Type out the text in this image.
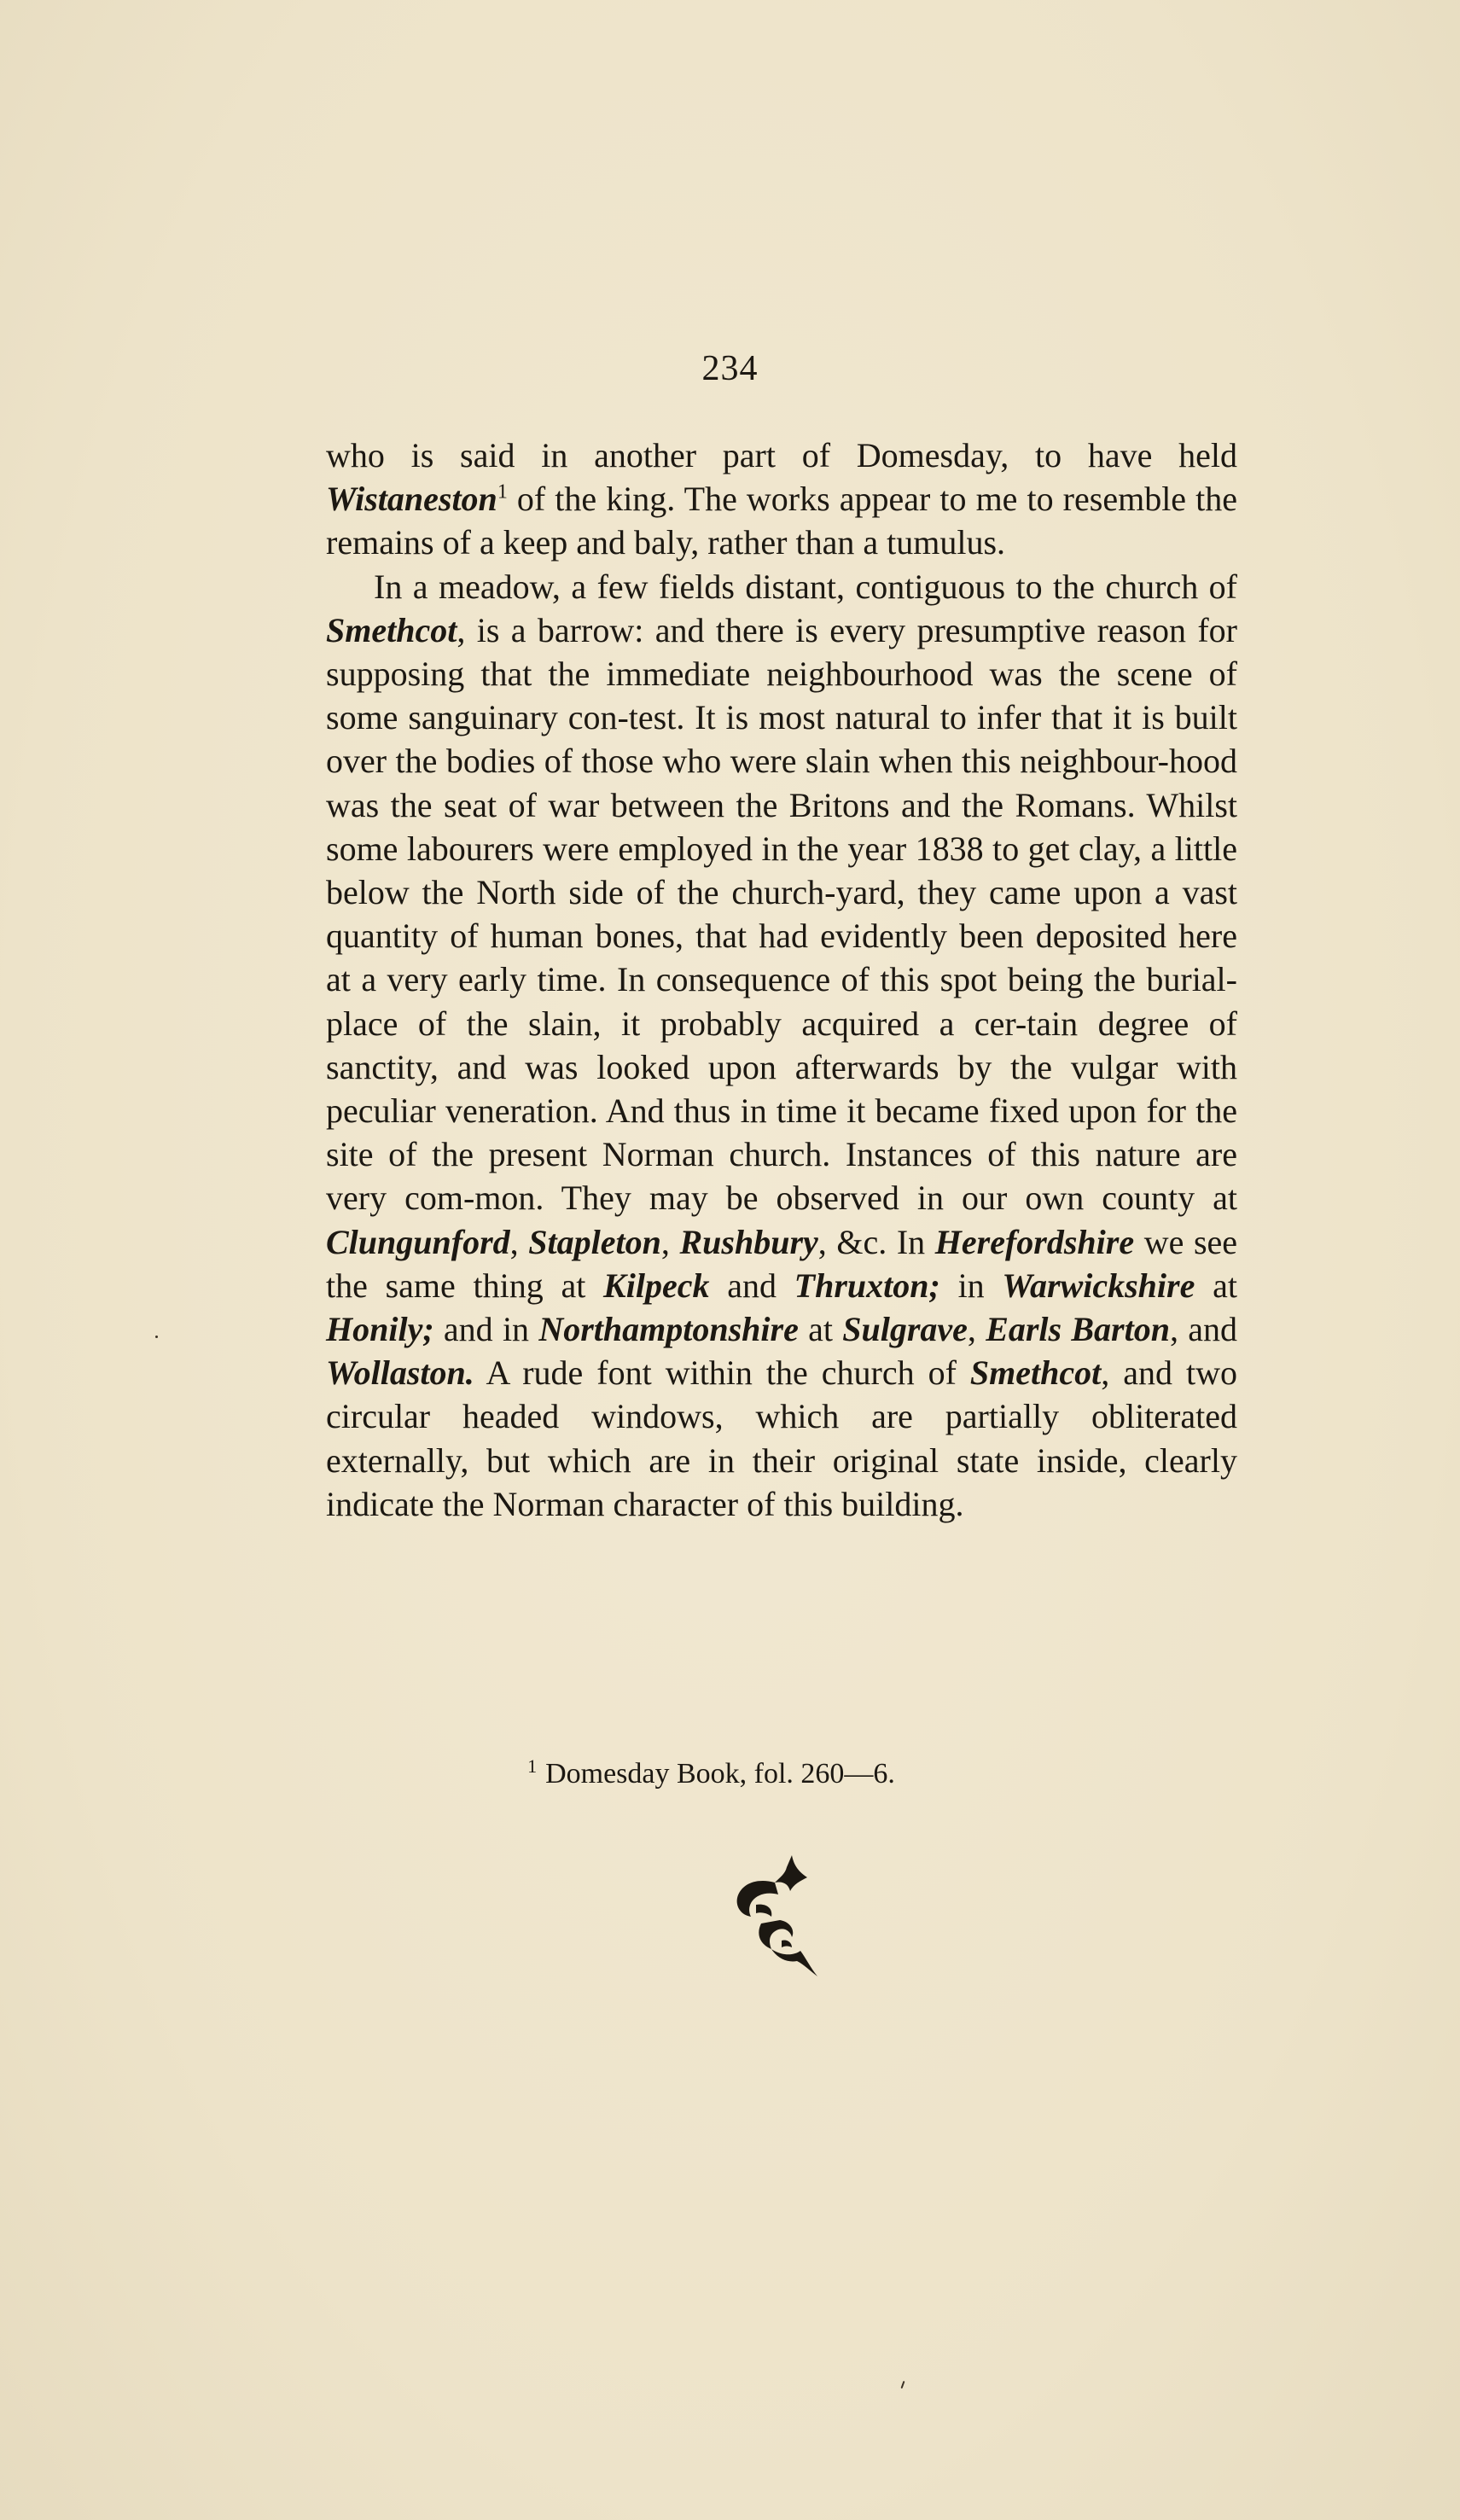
234

who is said in another part of Domesday, to have held Wistaneston$^1$ of the king. The works appear to me to resemble the remains of a keep and baly, rather than a tumulus.

In a meadow, a few fields distant, contiguous to the church of Smethcot, is a barrow: and there is every presumptive reason for supposing that the immediate neighbourhood was the scene of some sanguinary con-test. It is most natural to infer that it is built over the bodies of those who were slain when this neighbour-hood was the seat of war between the Britons and the Romans. Whilst some labourers were employed in the year 1838 to get clay, a little below the North side of the church-yard, they came upon a vast quantity of human bones, that had evidently been deposited here at a very early time. In consequence of this spot being the burial-place of the slain, it probably acquired a cer-tain degree of sanctity, and was looked upon afterwards by the vulgar with peculiar veneration. And thus in time it became fixed upon for the site of the present Norman church. Instances of this nature are very com-mon. They may be observed in our own county at Clungunford, Stapleton, Rushbury, &c. In Herefordshire we see the same thing at Kilpeck and Thruxton; in Warwickshire at Honily; and in Northamptonshire at Sulgrave, Earls Barton, and Wollaston. A rude font within the church of Smethcot, and two circular headed windows, which are partially obliterated externally, but which are in their original state inside, clearly indicate the Norman character of this building.

$^1$ Domesday Book, fol. 260—6.
